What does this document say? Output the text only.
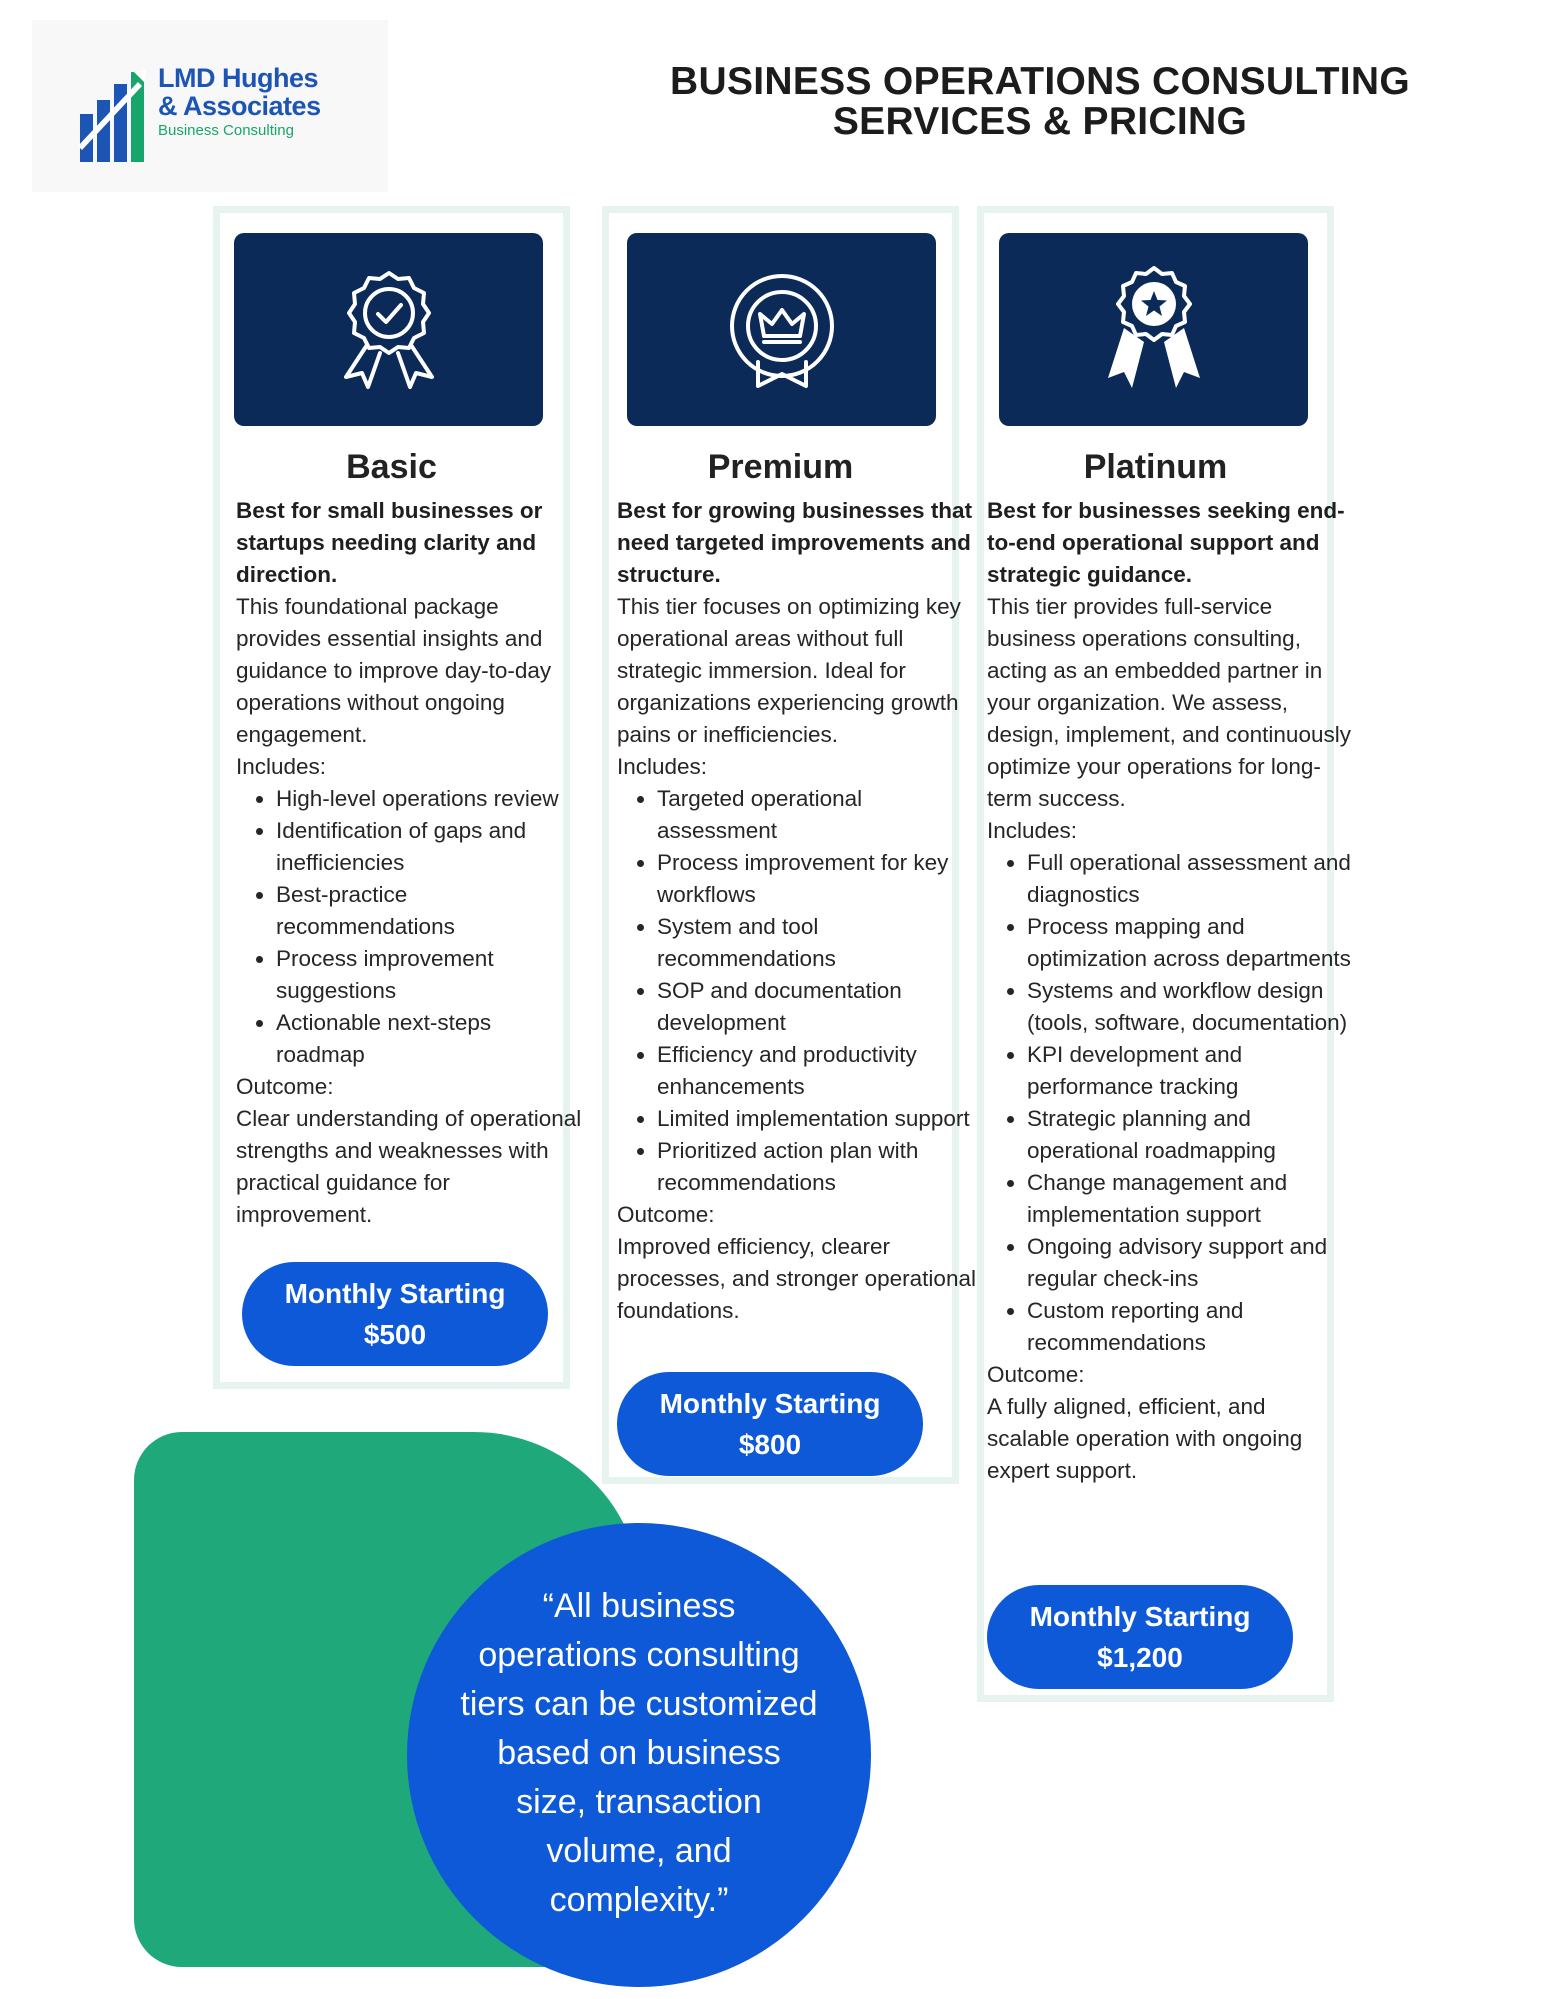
LMD Hughes
& Associates
Business Consulting
BUSINESS OPERATIONS CONSULTING
SERVICES & PRICING
Basic
Best for small businesses or startups needing clarity and direction.
This foundational package provides essential insights and guidance to improve day-to-day operations without ongoing engagement.
Includes:
• High-level operations review
• Identification of gaps and inefficiencies
• Best-practice recommendations
• Process improvement suggestions
• Actionable next-steps roadmap
Outcome:
Clear understanding of operational strengths and weaknesses with practical guidance for improvement.
Monthly Starting
$500
Premium
Best for growing businesses that need targeted improvements and structure.
This tier focuses on optimizing key operational areas without full strategic immersion. Ideal for organizations experiencing growth pains or inefficiencies.
Includes:
• Targeted operational assessment
• Process improvement for key workflows
• System and tool recommendations
• SOP and documentation development
• Efficiency and productivity enhancements
• Limited implementation support
• Prioritized action plan with recommendations
Outcome:
Improved efficiency, clearer processes, and stronger operational foundations.
Monthly Starting
$800
Platinum
Best for businesses seeking end-to-end operational support and strategic guidance.
This tier provides full-service business operations consulting, acting as an embedded partner in your organization. We assess, design, implement, and continuously optimize your operations for long-term success.
Includes:
• Full operational assessment and diagnostics
• Process mapping and optimization across departments
• Systems and workflow design (tools, software, documentation)
• KPI development and performance tracking
• Strategic planning and operational roadmapping
• Change management and implementation support
• Ongoing advisory support and regular check-ins
• Custom reporting and recommendations
Outcome:
A fully aligned, efficient, and scalable operation with ongoing expert support.
Monthly Starting
$1,200
“All business operations consulting tiers can be customized based on business size, transaction volume, and complexity.”
